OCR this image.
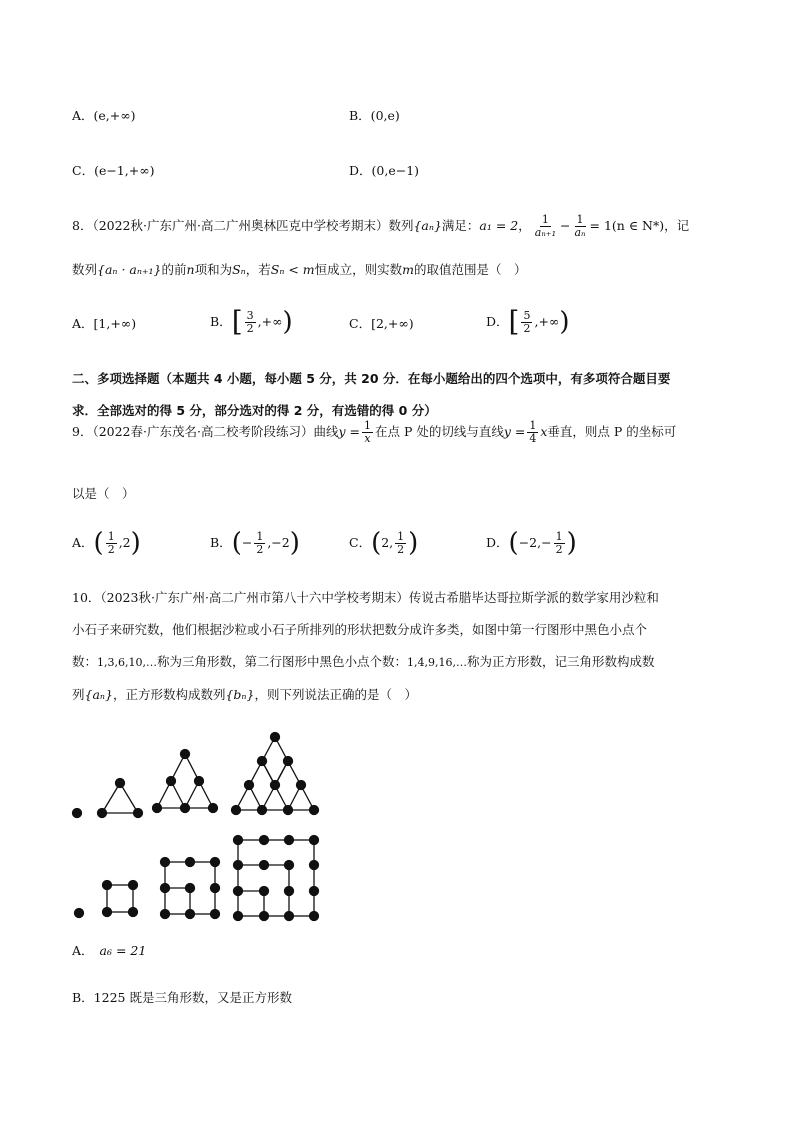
A．(e,+∞)	B．(0,e)
C．(e−1,+∞)	D．(0,e−1)
8．（2022秋·广东广州·高二广州奥林匹克中学校考期末）数列 {aₙ} 满足： a₁ = 2 ， $\frac{1}{\text{aₙ₊₁}} - \frac{1}{\text{aₙ}} = 1(n$ ∈ N*) ，记
数列{aₙ · aₙ₊₁}的前n项和为Sₙ，若Sₙ < m恒成立，则实数m的取值范围是（　）
A．[1,+∞)	B． [ $\frac{3}{2}$ ,+∞ )	C．[2,+∞)	D． [ $\frac{5}{2}$ ,+∞ )
二、多项选择题（本题共 4 小题，每小题 5 分，共 20 分．在每小题给出的四个选项中，有多项符合题目要
求．全部选对的得 5 分，部分选对的得 2 分，有选错的得 0 分）
9．（2022春·广东茂名·高二校考阶段练习）曲线 $y = \frac{1}{x}$ 在点 P 处的切线与直线 $y = \frac{1}{4}$ x 垂直，则点 P 的坐标可
以是（　）
A． ( $\frac{1}{2} ,2$ )	B． ( − $\frac{1}{2} ,-2$ )	C． ( 2, $\frac{1}{2}$ )	D． ( $-2,- \frac{1}{2}$ )
10．（2023秋·广东广州·高二广州市第八十六中学校考期末）传说古希腊毕达哥拉斯学派的数学家用沙粒和
小石子来研究数，他们根据沙粒或小石子所排列的形状把数分成许多类，如图中第一行图形中黑色小点个
数：1,3,6,10,…称为三角形数，第二行图形中黑色小点个数：1,4,9,16,…称为正方形数，记三角形数构成数
列{aₙ}，正方形数构成数列{bₙ}，则下列说法正确的是（　）
A． a₆ = 21
B．1225 既是三角形数，又是正方形数
